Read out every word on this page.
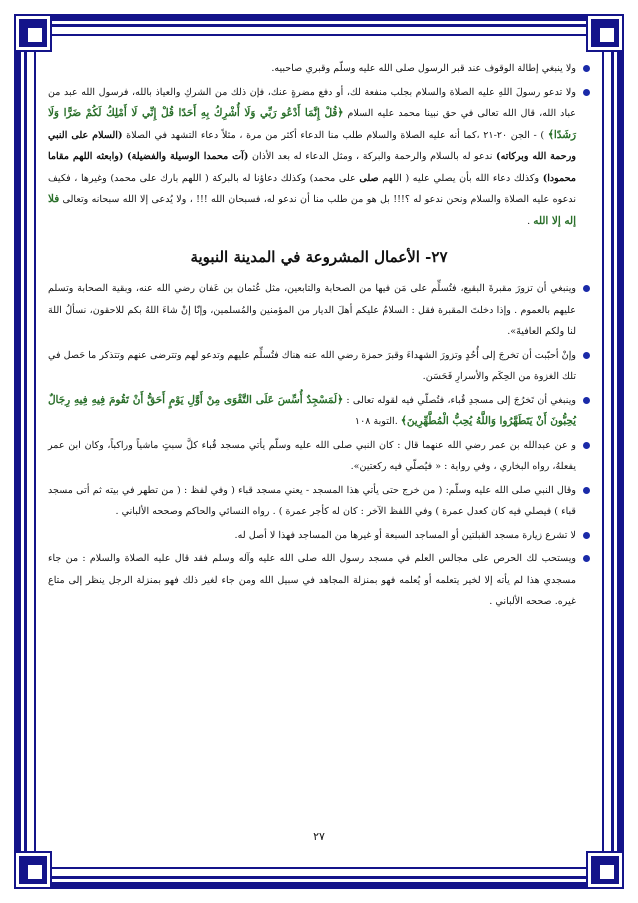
ولا ينبغي إطالة الوقوف عند قبر الرسول صلى الله عليه وسلّم وقبري صاحبيه.

ولا تدعو رسولَ اللهِ عليه الصلاة والسلام بجلب منفعة لك، أو دفع مضرةٍ عنك، فإن ذلك من الشركِ والعياذ بالله، فرسول الله عبد من عباد الله، قال الله تعالى في حق نبينا محمد عليه السلام ﴿قُلْ إِنَّمَا أَدْعُو رَبِّي وَلَا أُشْرِكُ بِهِ أَحَدًا قُلْ إِنِّي لَا أَمْلِكُ لَكُمْ ضَرًّا وَلَا رَشَدًا﴾ ) - الجن ٢٠-٢١ ،كما أنه عليه الصلاة والسلام طلب منا الدعاء أكثر من مرة ، مثلاً دعاء التشهد في الصلاة (السلام على النبي ورحمة الله وبركاته) ندعو له بالسلام والرحمة والبركة ، ومثل الدعاء له بعد الأذان (آت محمدا الوسيلة والفضيلة) (وابعثه اللهم مقاما محمودا) وكذلك دعاء الله بأن يصلي عليه ( اللهم صلى على محمد) وكذلك دعاؤنا له بالبركة ( اللهم بارك على محمد) وغيرها ، فكيف ندعوه عليه الصلاة والسلام ونحن ندعو له ؟!!! بل هو من طلب منا أن ندعو له، فسبحان الله !!! ، ولا يُدعى إلا الله سبحانه وتعالى فلا إله إلا الله .

٢٧- الأعمال المشروعة في المدينة النبوية

وينبغي أن تزورَ مقبرةَ البقيع، فتُسلِّم على مَن فيها من الصحابة والتابعين، مثل عُثمان بن عَفان رضي الله عنه، وبقية الصحابة وتسلم عليهم بالعموم . وإذا دخلتَ المقبرة فقل : السلامُ عليكم أهلَ الديار من المؤمنين والمُسلمين، وإنّا إنْ شاءَ اللهُ بكم للاحقون، نسألُ اللهَ لنا ولكم العافيةَ».

وإنْ أحبّبت أن تخرجَ إلى أُحُدٍ وتزورَ الشهداءَ وقبرَ حمزة رضي الله عنه هناك فتُسلِّم عليهم وتدعو لهم وتترضى عنهم وتتذكر ما حَصل في تلك الغزوة من الحِكَم والأسرارِ فَحَسَن.

وينبغي أن تَخرُجَ إلى مسجدِ قُباء، فتُصلّي فيه لقوله تعالى : ﴿لَمَسْجِدٌ أُسِّسَ عَلَى التَّقْوَى مِنْ أَوَّلِ يَوْمٍ أَحَقُّ أَنْ تَقُومَ فِيهِ فِيهِ رِجَالٌ يُحِبُّونَ أَنْ يَتَطَهَّرُوا وَاللَّهُ يُحِبُّ الْمُطَّهِّرِينَ﴾ .التوبة ١٠٨

و عن عبدالله بن عمر رضي الله عنهما قال : كان النبي صلى الله عليه وسلّم يأتي مسجد قُباء كلَّ سبتٍ ماشياً وراكباً، وكان ابن عمر يفعلهُ، رواه البخاري ، وفي رواية : « فيُصلّي فيه ركعتين».

وقال النبي صلى الله عليه وسلّم: ( من خرج حتى يأتي هذا المسجد - يعني مسجد قباء ( وفي لفظ : ( من تطهر في بيته ثم أتى مسجد قباء ) فيصلي فيه كان كعدل عمرة ) وفي اللفظ الآخر : كان له كأجر عمرة ) . رواه النسائي والحاكم وصححه الألباني .

لا تشرع زيارة مسجد القبلتين أو المساجد السبعة أو غيرها من المساجد فهذا لا أصل له.

ويستحب لك الحرص على مجالس العلم في مسجد رسول الله صلى الله عليه وآله وسلم فقد قال عليه الصلاة والسلام : من جاء مسجدي هذا لم يأته إلا لخير يتعلمه أو يُعلمه فهو بمنزلة المجاهد في سبيل الله ومن جاء لغير ذلك فهو بمنزلة الرجل ينظر إلى متاع غيره. صححه الألباني .

٢٧
